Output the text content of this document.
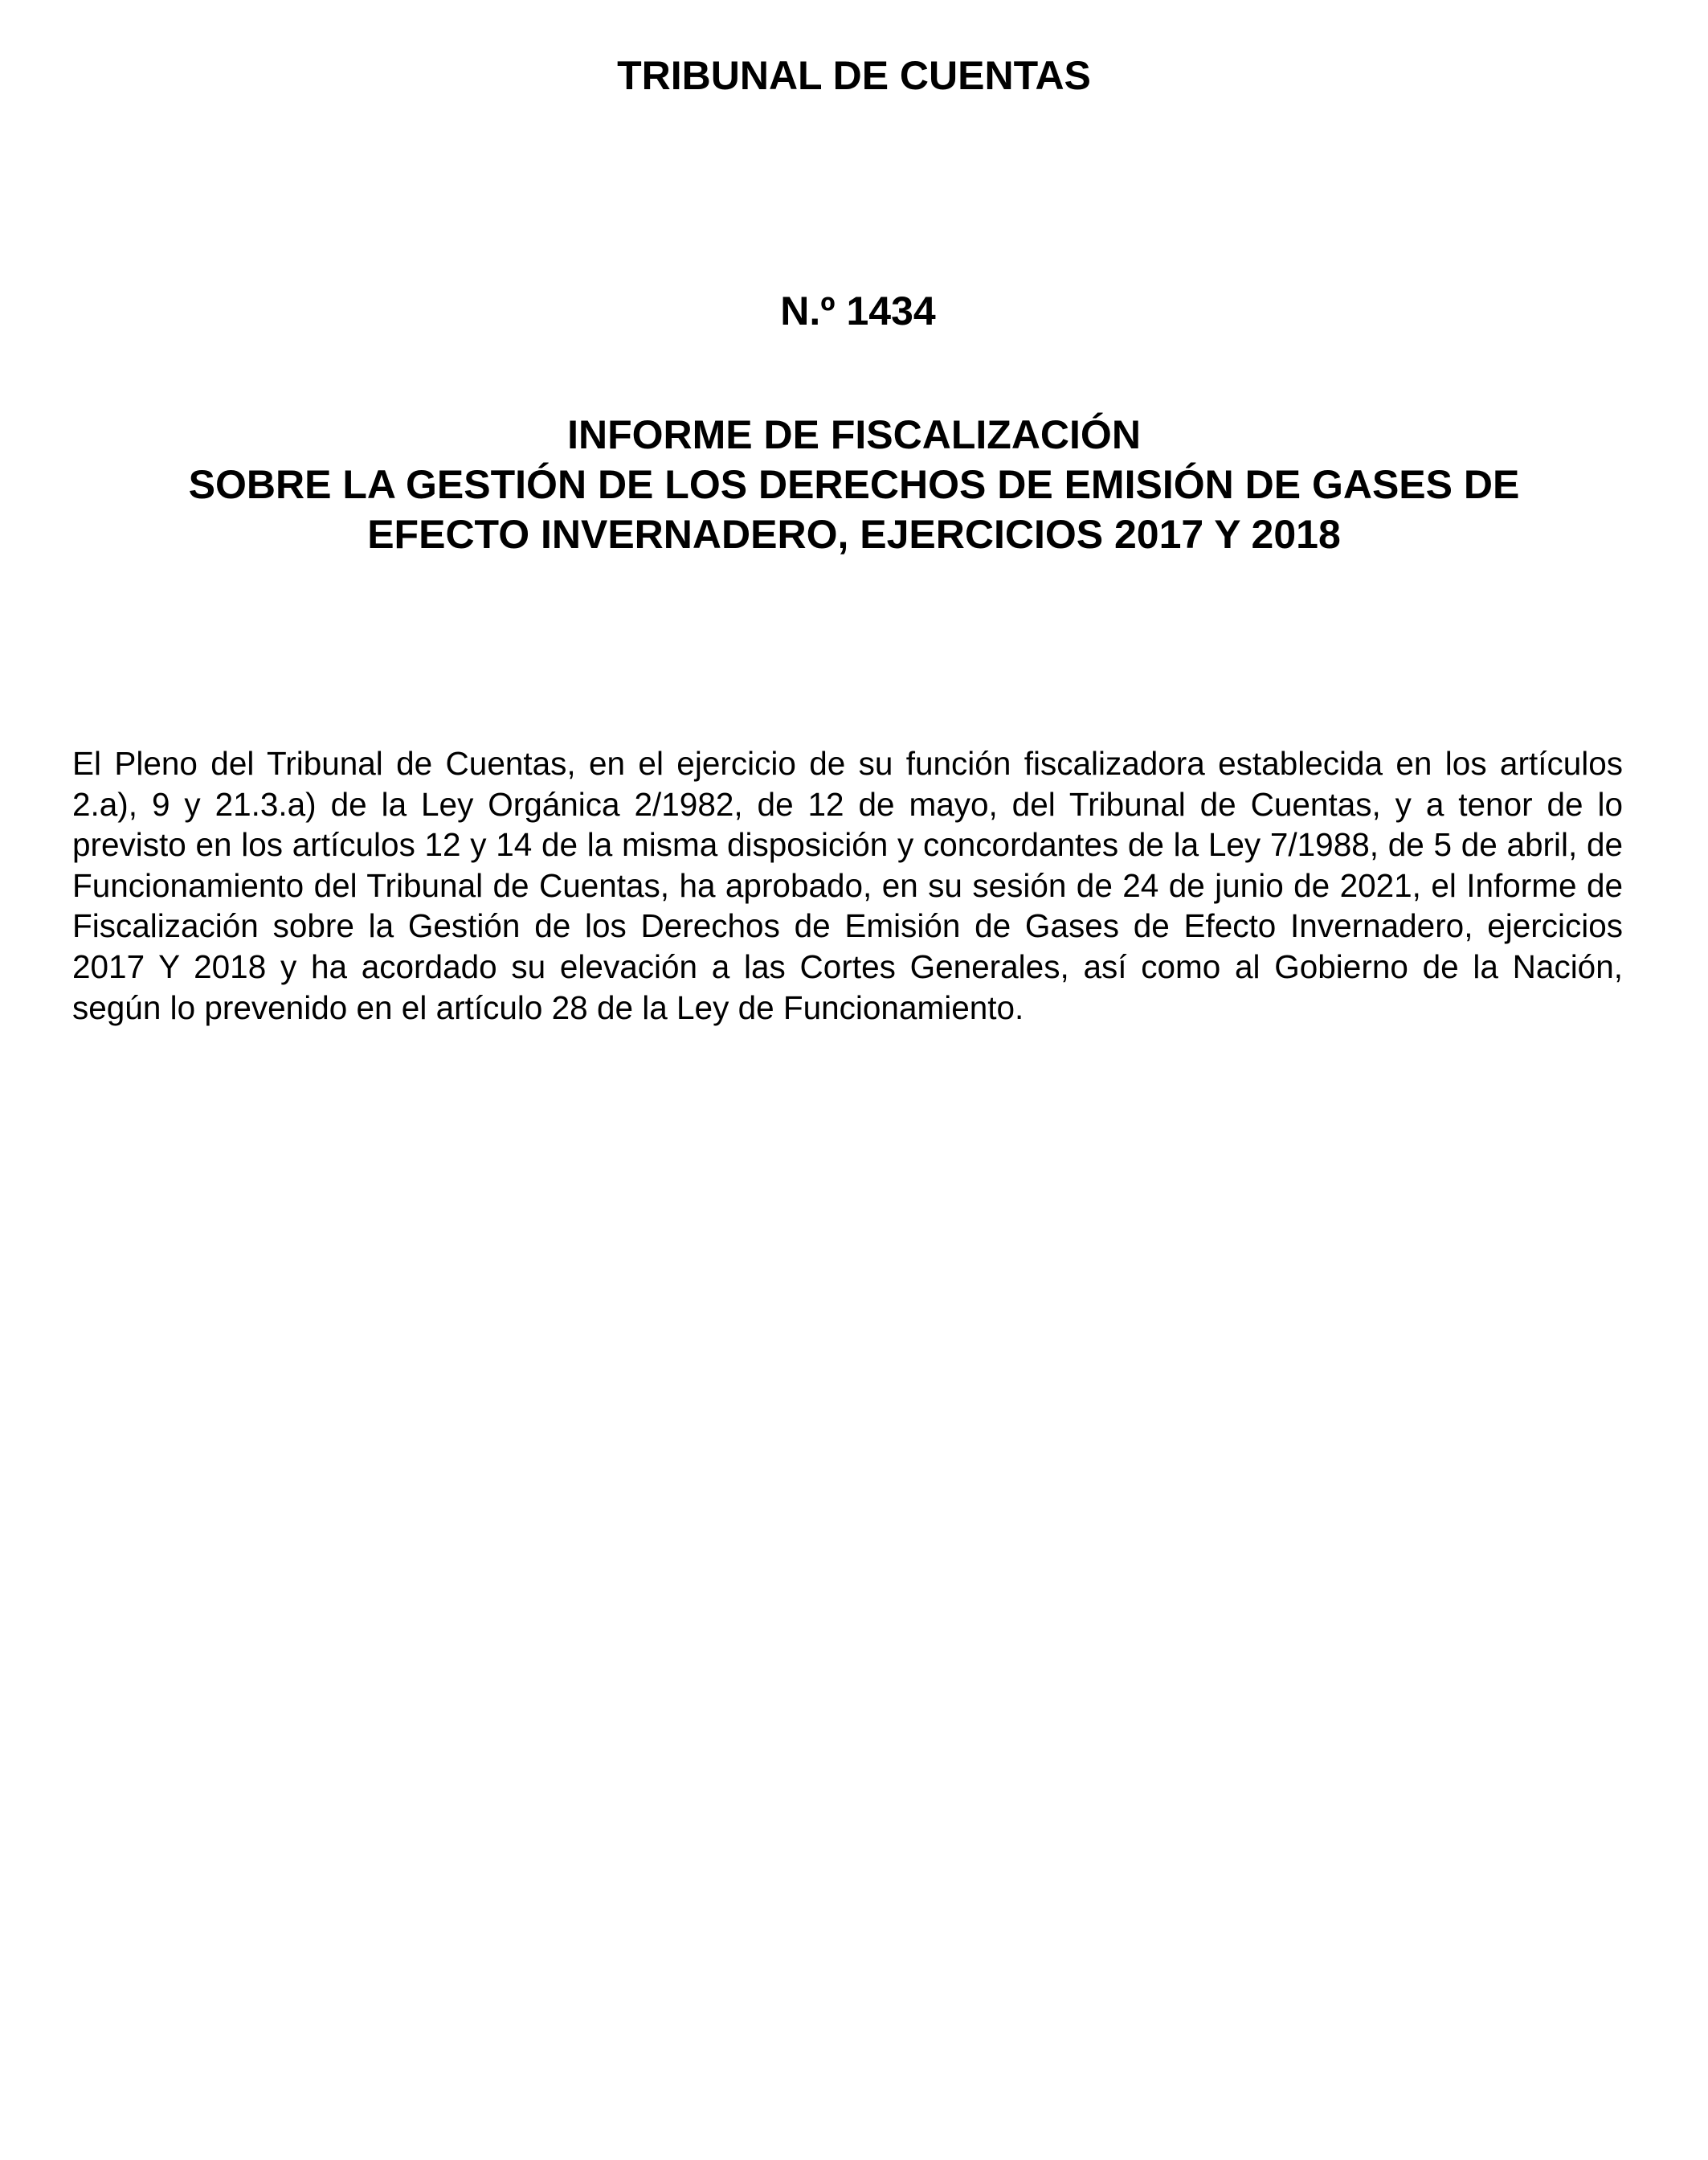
TRIBUNAL DE CUENTAS
N.º 1434
INFORME DE FISCALIZACIÓN
SOBRE LA GESTIÓN DE LOS DERECHOS DE EMISIÓN DE GASES DE
EFECTO INVERNADERO, EJERCICIOS 2017 Y 2018

El Pleno del Tribunal de Cuentas, en el ejercicio de su función fiscalizadora establecida en los artículos 2.a), 9 y 21.3.a) de la Ley Orgánica 2/1982, de 12 de mayo, del Tribunal de Cuentas, y a tenor de lo previsto en los artículos 12 y 14 de la misma disposición y concordantes de la Ley 7/1988, de 5 de abril, de Funcionamiento del Tribunal de Cuentas, ha aprobado, en su sesión de 24 de junio de 2021, el Informe de Fiscalización sobre la Gestión de los Derechos de Emisión de Gases de Efecto Invernadero, ejercicios 2017 Y 2018 y ha acordado su elevación a las Cortes Generales, así como al Gobierno de la Nación, según lo prevenido en el artículo 28 de la Ley de Funcionamiento.
